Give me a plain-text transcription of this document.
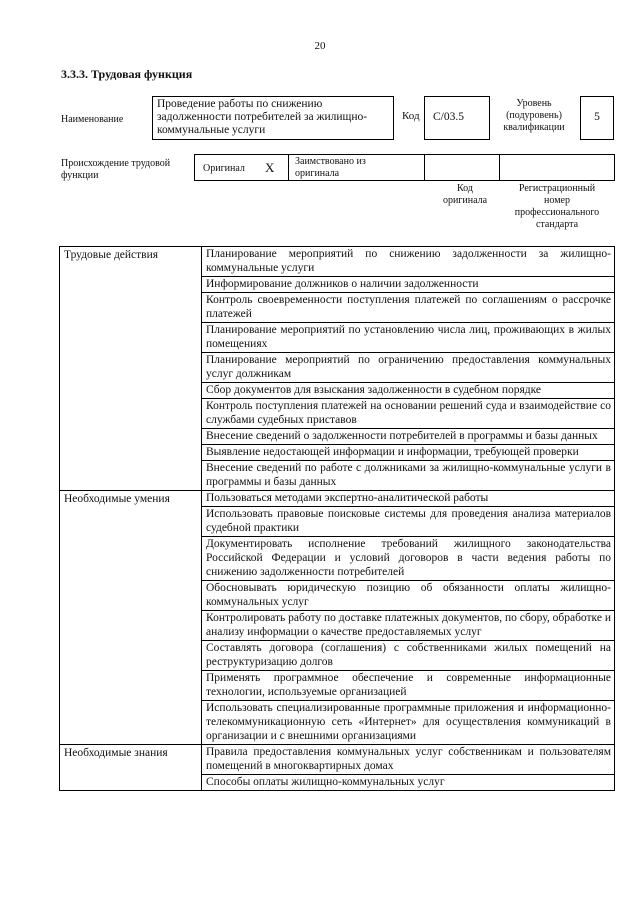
20
3.3.3. Трудовая функция
Наименование
Проведение работы по снижению задолженности потребителей за жилищно-коммунальные услуги
Код	C/03.5
Уровень
(подуровень)
квалификации
5
Происхождение трудовой
функции
Оригинал X Заимствовано из
оригинала
Код
оригинала
Регистрационный
номер
профессионального
стандарта
Трудовые действия	Планирование мероприятий по снижению задолженности за жилищно-коммунальные услуги
	Информирование должников о наличии задолженности
	Контроль своевременности поступления платежей по соглашениям о рассрочке платежей
	Планирование мероприятий по установлению числа лиц, проживающих в жилых помещениях
	Планирование мероприятий по ограничению предоставления коммунальных услуг должникам
	Сбор документов для взыскания задолженности в судебном порядке
	Контроль поступления платежей на основании решений суда и взаимодействие со службами судебных приставов
	Внесение сведений о задолженности потребителей в программы и базы данных
	Выявление недостающей информации и информации, требующей проверки
	Внесение сведений по работе с должниками за жилищно-коммунальные услуги в программы и базы данных
Необходимые умения	Пользоваться методами экспертно-аналитической работы
	Использовать правовые поисковые системы для проведения анализа материалов судебной практики
	Документировать исполнение требований жилищного законодательства Российской Федерации и условий договоров в части ведения работы по снижению задолженности потребителей
	Обосновывать юридическую позицию об обязанности оплаты жилищно-коммунальных услуг
	Контролировать работу по доставке платежных документов, по сбору, обработке и анализу информации о качестве предоставляемых услуг
	Составлять договора (соглашения) с собственниками жилых помещений на реструктуризацию долгов
	Применять программное обеспечение и современные информационные технологии, используемые организацией
	Использовать специализированные программные приложения и информационно-телекоммуникационную сеть «Интернет» для осуществления коммуникаций в организации и с внешними организациями
Необходимые знания	Правила предоставления коммунальных услуг собственникам и пользователям помещений в многоквартирных домах
	Способы оплаты жилищно-коммунальных услуг
